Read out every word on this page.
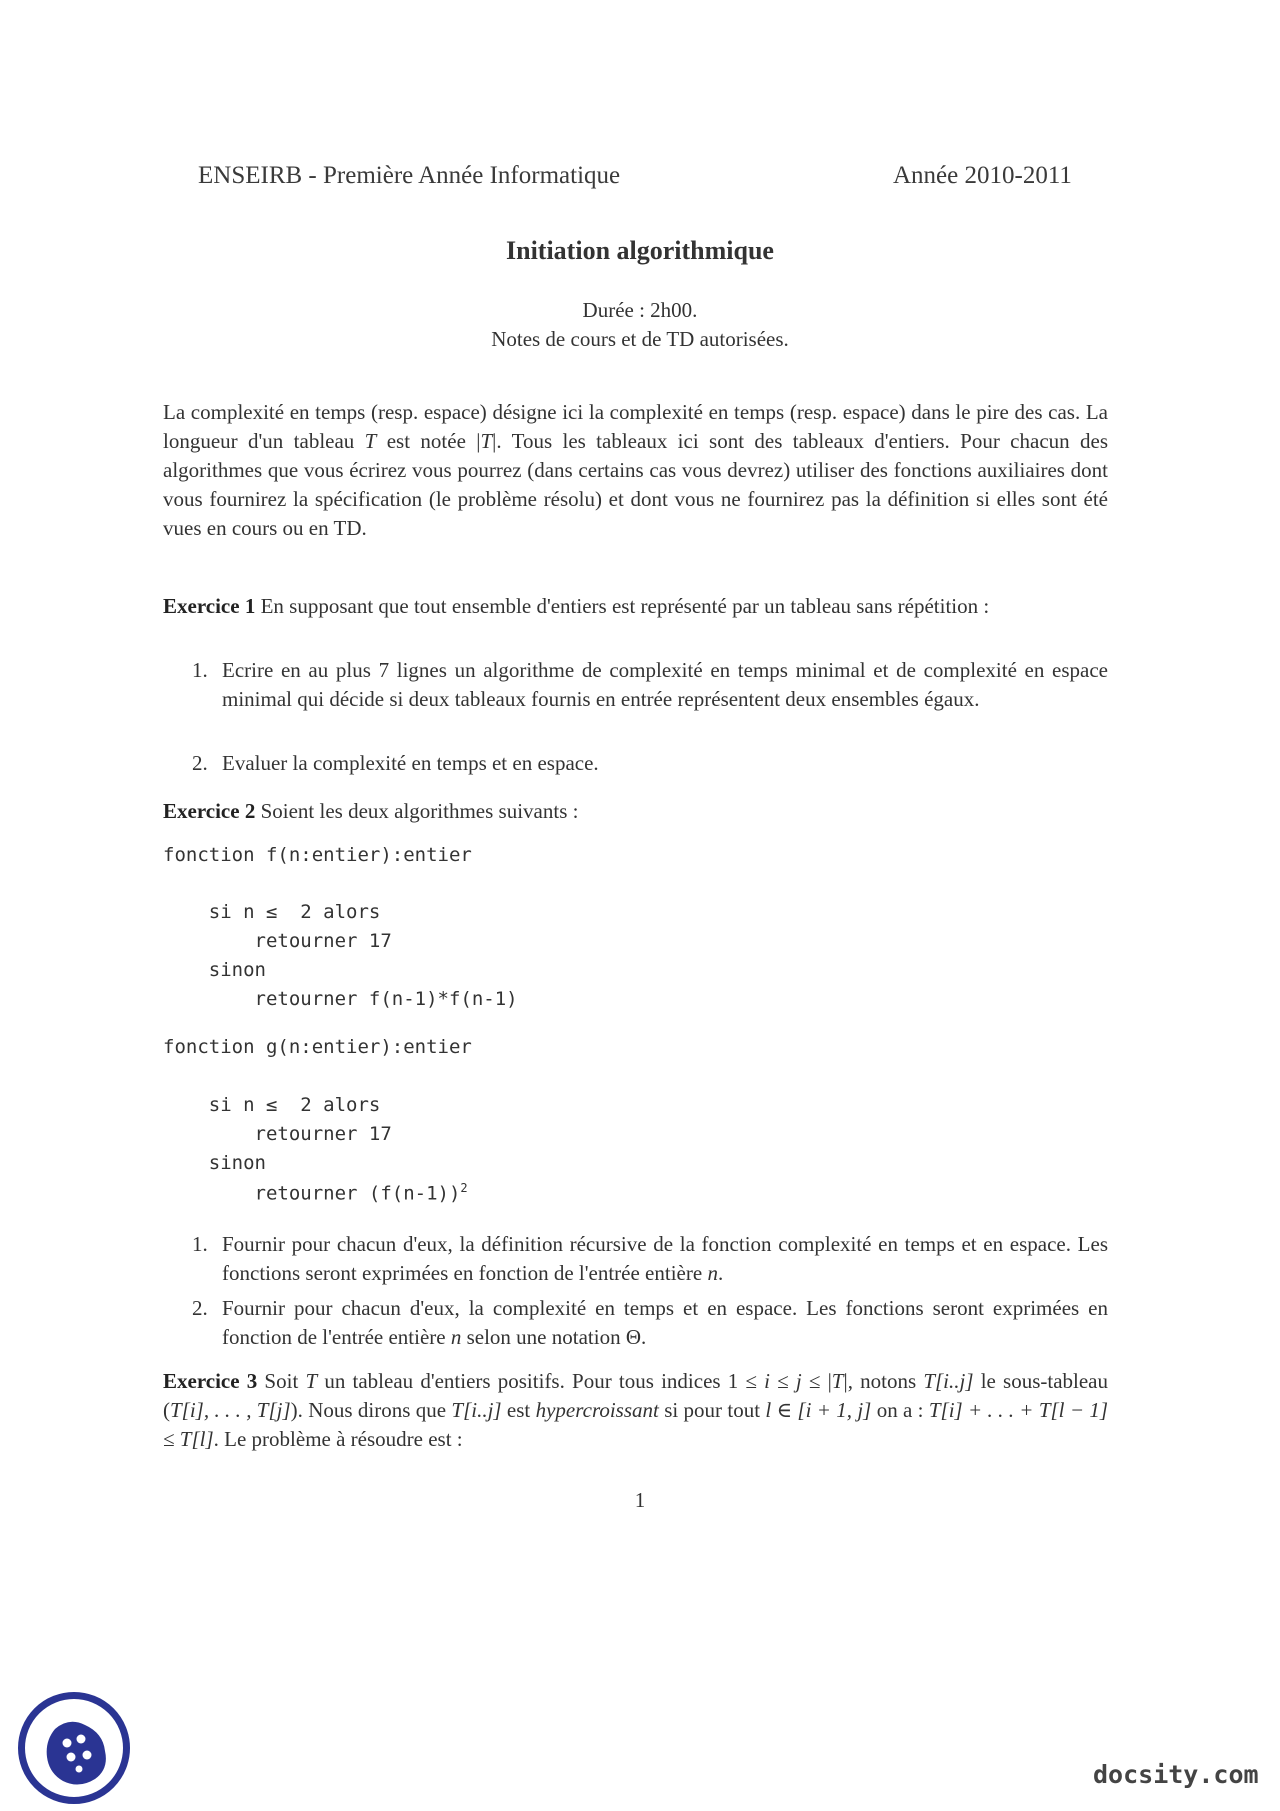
ENSEIRB - Première Année Informatique	Année 2010-2011
Initiation algorithmique
Durée : 2h00.
Notes de cours et de TD autorisées.
La complexité en temps (resp. espace) désigne ici la complexité en temps (resp. espace) dans le pire des cas. La longueur d'un tableau T est notée |T|. Tous les tableaux ici sont des tableaux d'entiers. Pour chacun des algorithmes que vous écrirez vous pourrez (dans certains cas vous devrez) utiliser des fonctions auxiliaires dont vous fournirez la spécification (le problème résolu) et dont vous ne fournirez pas la définition si elles sont été vues en cours ou en TD.
Exercice 1 En supposant que tout ensemble d'entiers est représenté par un tableau sans répétition :
1. Ecrire en au plus 7 lignes un algorithme de complexité en temps minimal et de complexité en espace minimal qui décide si deux tableaux fournis en entrée représentent deux ensembles égaux.
2. Evaluer la complexité en temps et en espace.
Exercice 2 Soient les deux algorithmes suivants :
fonction f(n:entier):entier
si n ≤  2 alors
retourner 17
sinon
retourner f(n-1)*f(n-1)
fonction g(n:entier):entier
si n ≤  2 alors
retourner 17
sinon
retourner $(f(n-1))^2$
1. Fournir pour chacun d'eux, la définition récursive de la fonction complexité en temps et en espace. Les fonctions seront exprimées en fonction de l'entrée entière n.
2. Fournir pour chacun d'eux, la complexité en temps et en espace. Les fonctions seront exprimées en fonction de l'entrée entière n selon une notation Θ.
Exercice 3 Soit T un tableau d'entiers positifs. Pour tous indices 1 ≤ i ≤ j ≤ |T|, notons T[i..j] le sous-tableau (T[i], . . . , T[j]). Nous dirons que T[i..j] est hypercroissant si pour tout l ∈ [i + 1, j] on a : T[i] + . . . + T[l − 1] ≤ T[l]. Le problème à résoudre est :
1
docsity.com
